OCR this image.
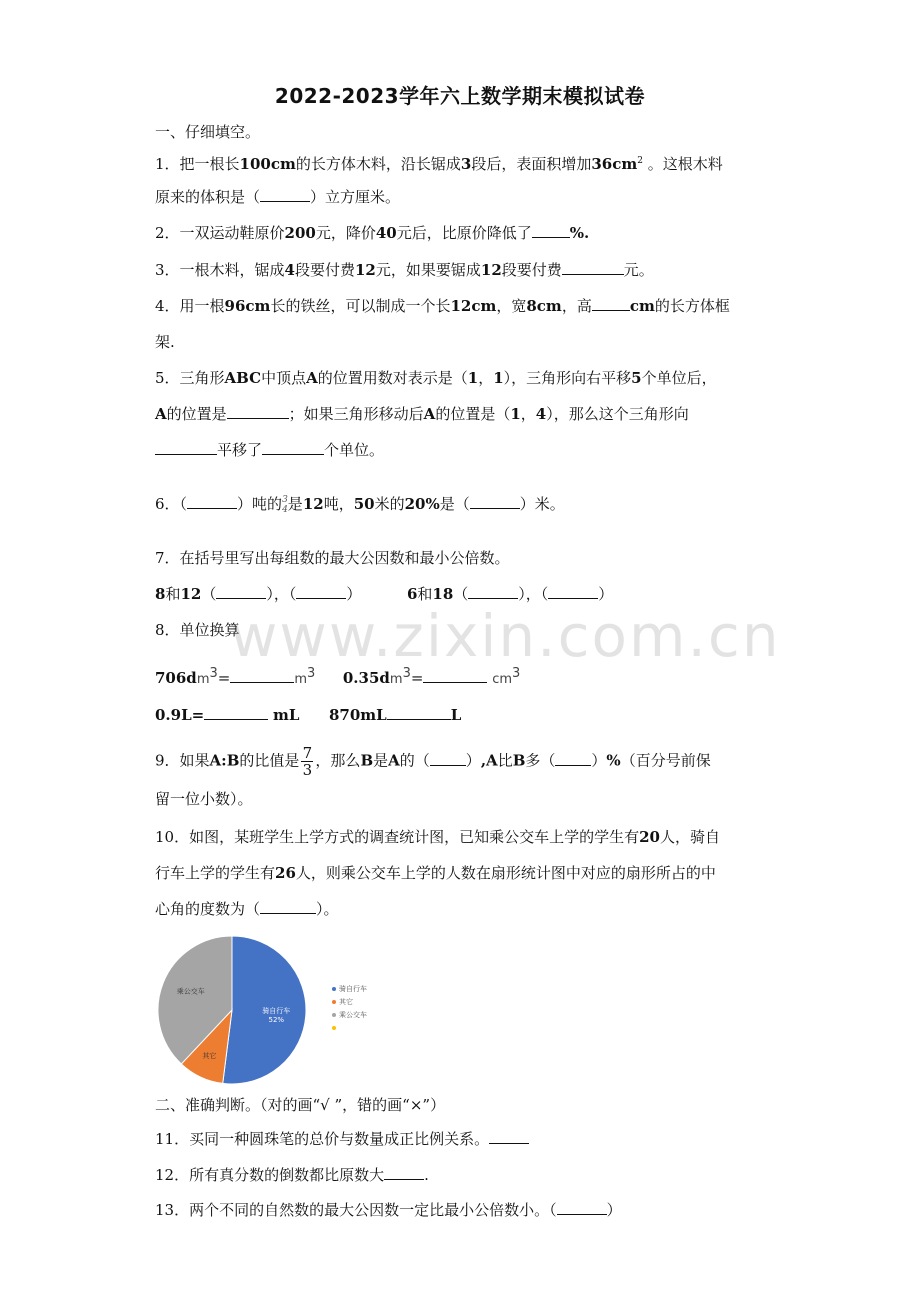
www.zixin.com.cn
2022-2023学年六上数学期末模拟试卷
一、仔细填空。
1．把一根长100cm的长方体木料，沿长锯成3段后，表面积增加$36cm^2$ 。这根木料
原来的体积是（	）立方厘米。
2．一双运动鞋原价200元，降价40元后，比原价降低了	%.
3．一根木料，锯成4段要付费12元，如果要锯成12段要付费	元。
4．用一根96cm长的铁丝，可以制成一个长12cm，宽8cm，高	cm的长方体框
架.
5．三角形ABC中顶点A的位置用数对表示是（1，1），三角形向右平移5个单位后，
A的位置是	；如果三角形移动后A的位置是（1，4），那么这个三角形向
平移了	个单位。
6．（	）吨的 3
4 是12吨，50米的20%是（	）米。
7．在括号里写出每组数的最大公因数和最小公倍数。
8和12（	），（	）	6和18（	），（	）
8．单位换算
$706dm^3=$	$m^3$ $0.35dm^3=$	$cm^3$
0.9L=	mL 870mL	L
9．如果A:B的比值是 $\frac{7}{3}$ ，那么B是A的（ ）,A比B多（ ）%（百分号前保
留一位小数）。
10．如图，某班学生上学方式的调查统计图，已知乘公交车上学的学生有20人，骑自
行车上学的学生有26人，则乘公交车上学的人数在扇形统计图中对应的扇形所占的中
心角的度数为（	）。
骑自行车
52%
其它
乘公交车	骑自行车
其它
乘公交车
二、准确判断。（对的画“√ ”，错的画“×”）
11．买同一种圆珠笔的总价与数量成正比例关系。
12．所有真分数的倒数都比原数大	.
13．两个不同的自然数的最大公因数一定比最小公倍数小。（	）
